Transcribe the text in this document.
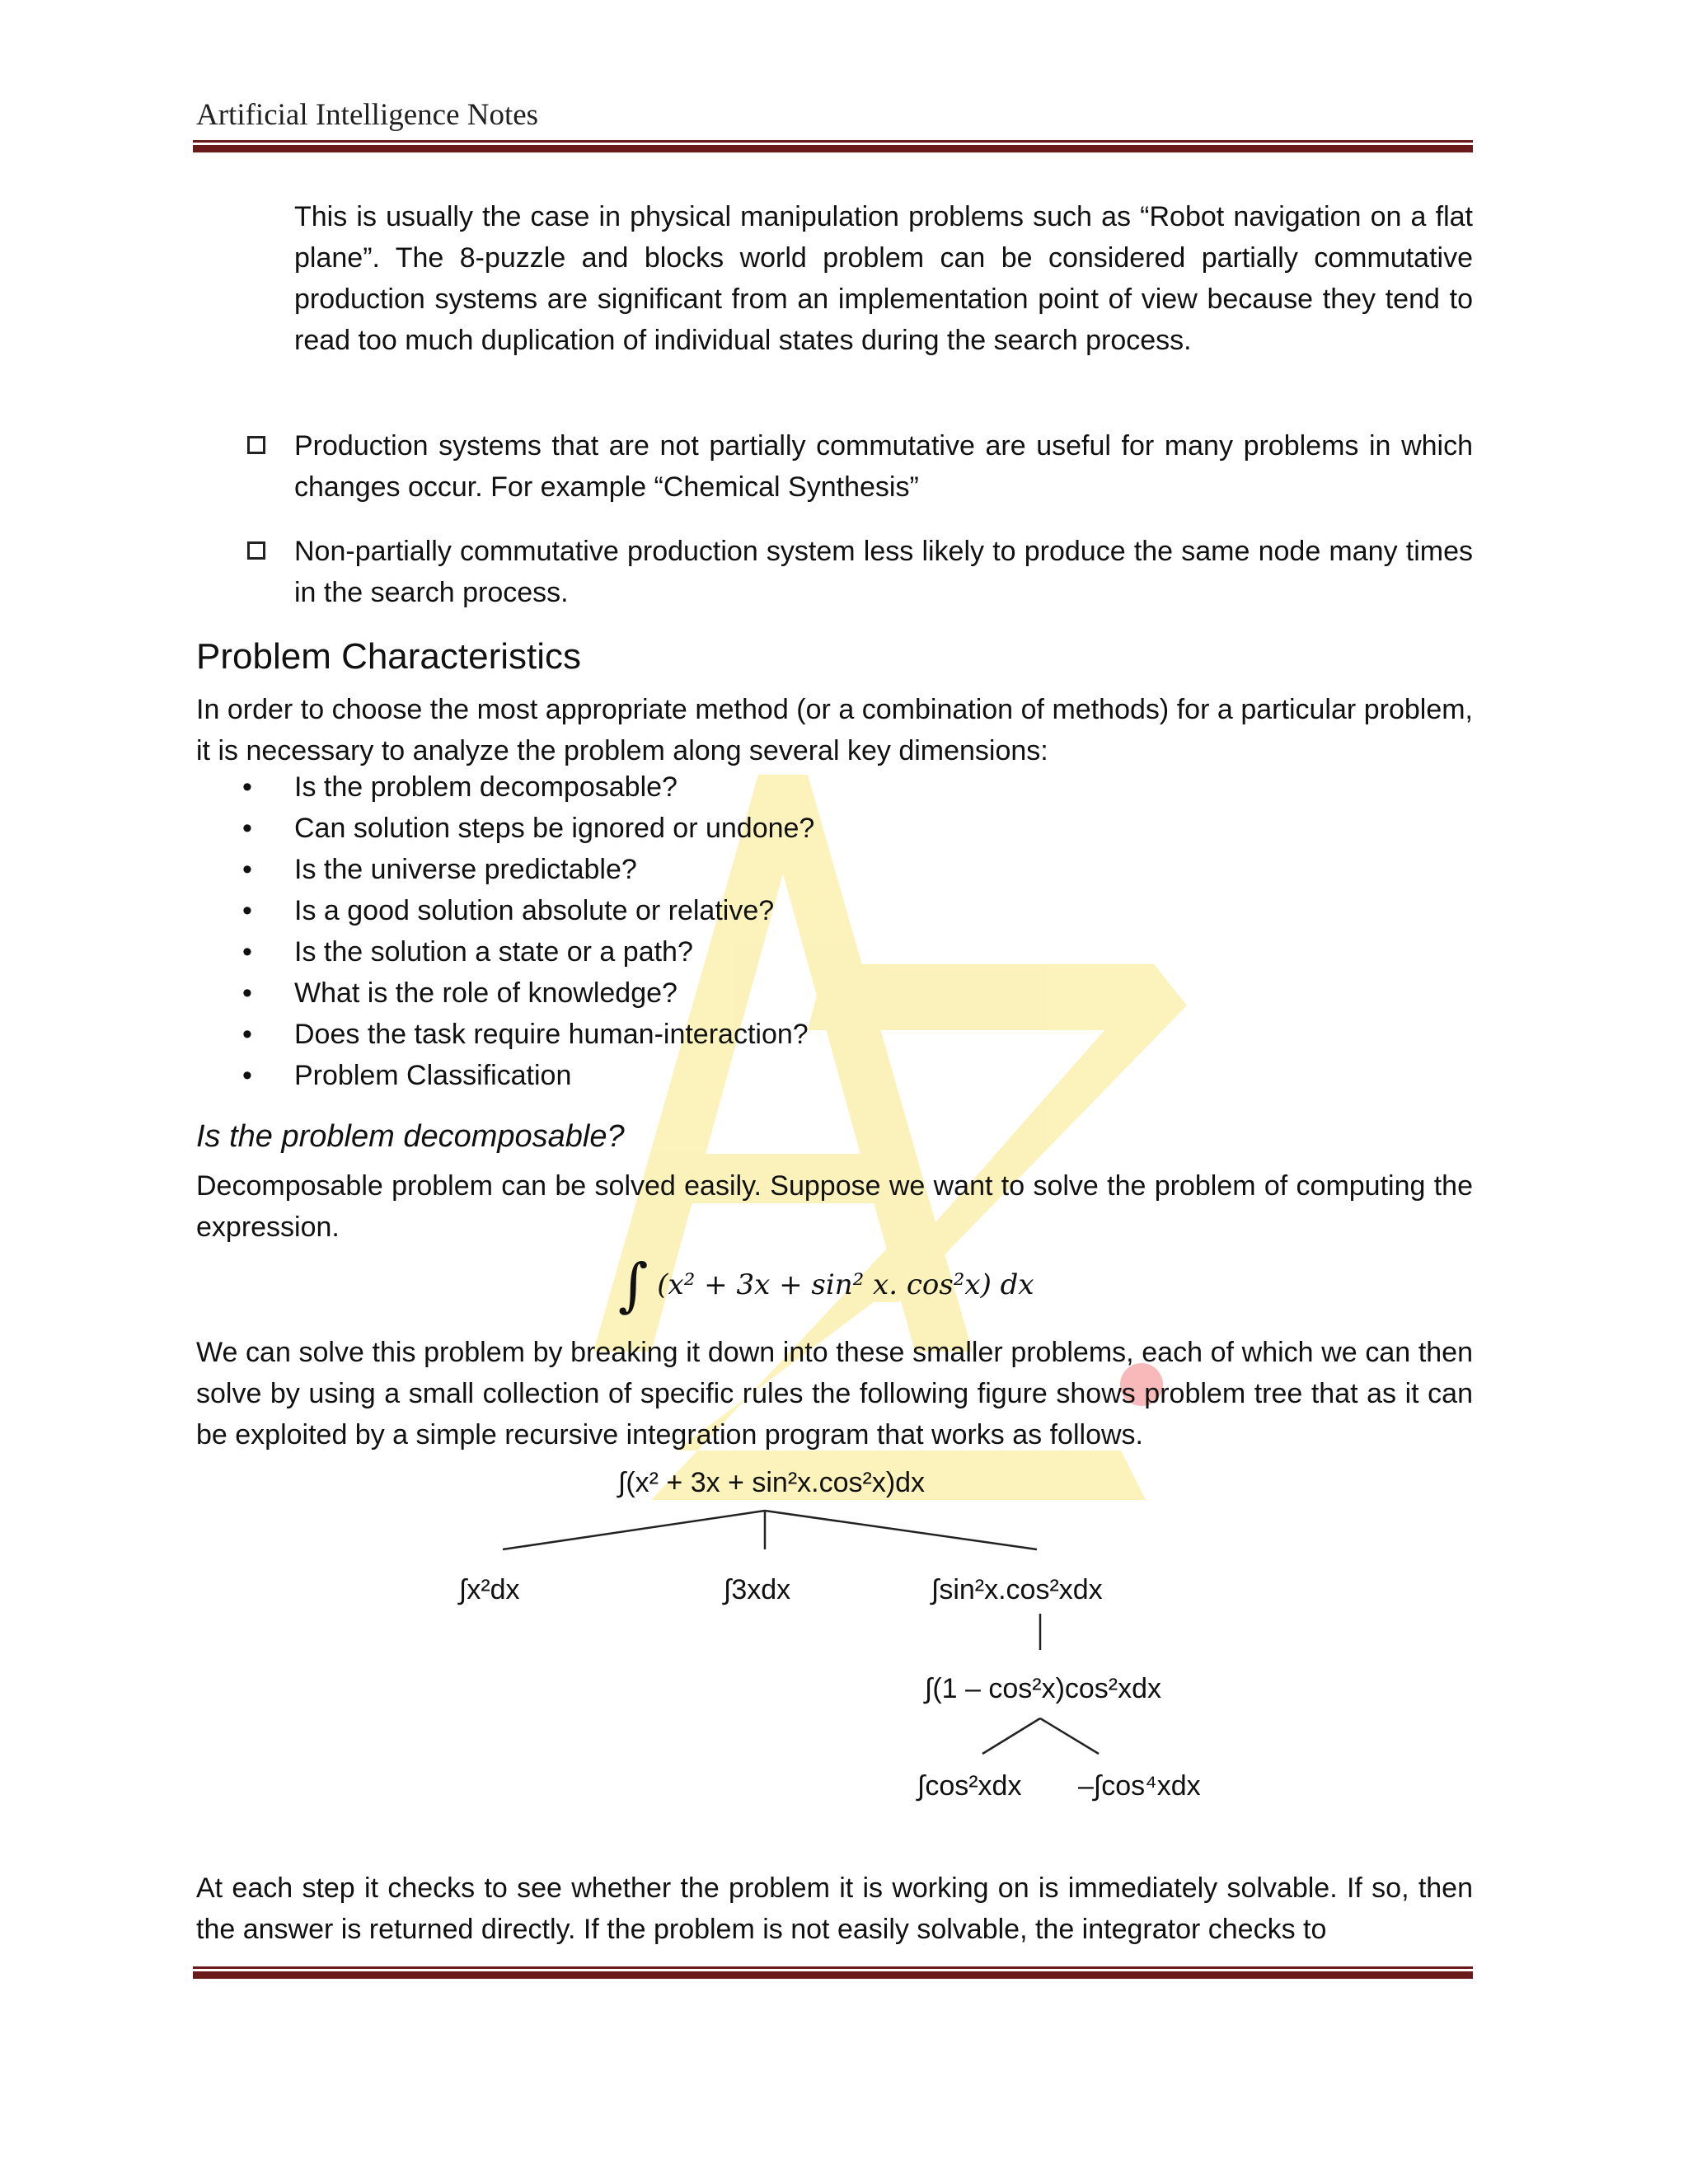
Artificial Intelligence Notes
This is usually the case in physical manipulation problems such as “Robot navigation on a flat plane”. The 8-puzzle and blocks world problem can be considered partially commutative production systems are significant from an implementation point of view because they tend to read too much duplication of individual states during the search process.
Production systems that are not partially commutative are useful for many problems in which changes occur. For example “Chemical Synthesis”
Non-partially commutative production system less likely to produce the same node many times in the search process.
Problem Characteristics
In order to choose the most appropriate method (or a combination of methods) for a particular problem, it is necessary to analyze the problem along several key dimensions:
• Is the problem decomposable?
• Can solution steps be ignored or undone?
• Is the universe predictable?
• Is a good solution absolute or relative?
• Is the solution a state or a path?
• What is the role of knowledge?
• Does the task require human-interaction?
• Problem Classification
Is the problem decomposable?
Decomposable problem can be solved easily. Suppose we want to solve the problem of computing the expression.
∫ (x² + 3x + sin² x. cos²x) dx
We can solve this problem by breaking it down into these smaller problems, each of which we can then solve by using a small collection of specific rules the following figure shows problem tree that as it can be exploited by a simple recursive integration program that works as follows.
∫(x² + 3x + sin²x.cos²x)dx
∫x²dx	∫3xdx	∫sin²x.cos²xdx
∫(1 – cos²x)cos²xdx
∫cos²xdx –∫cos⁴xdx
At each step it checks to see whether the problem it is working on is immediately solvable. If so, then the answer is returned directly. If the problem is not easily solvable, the integrator checks to
